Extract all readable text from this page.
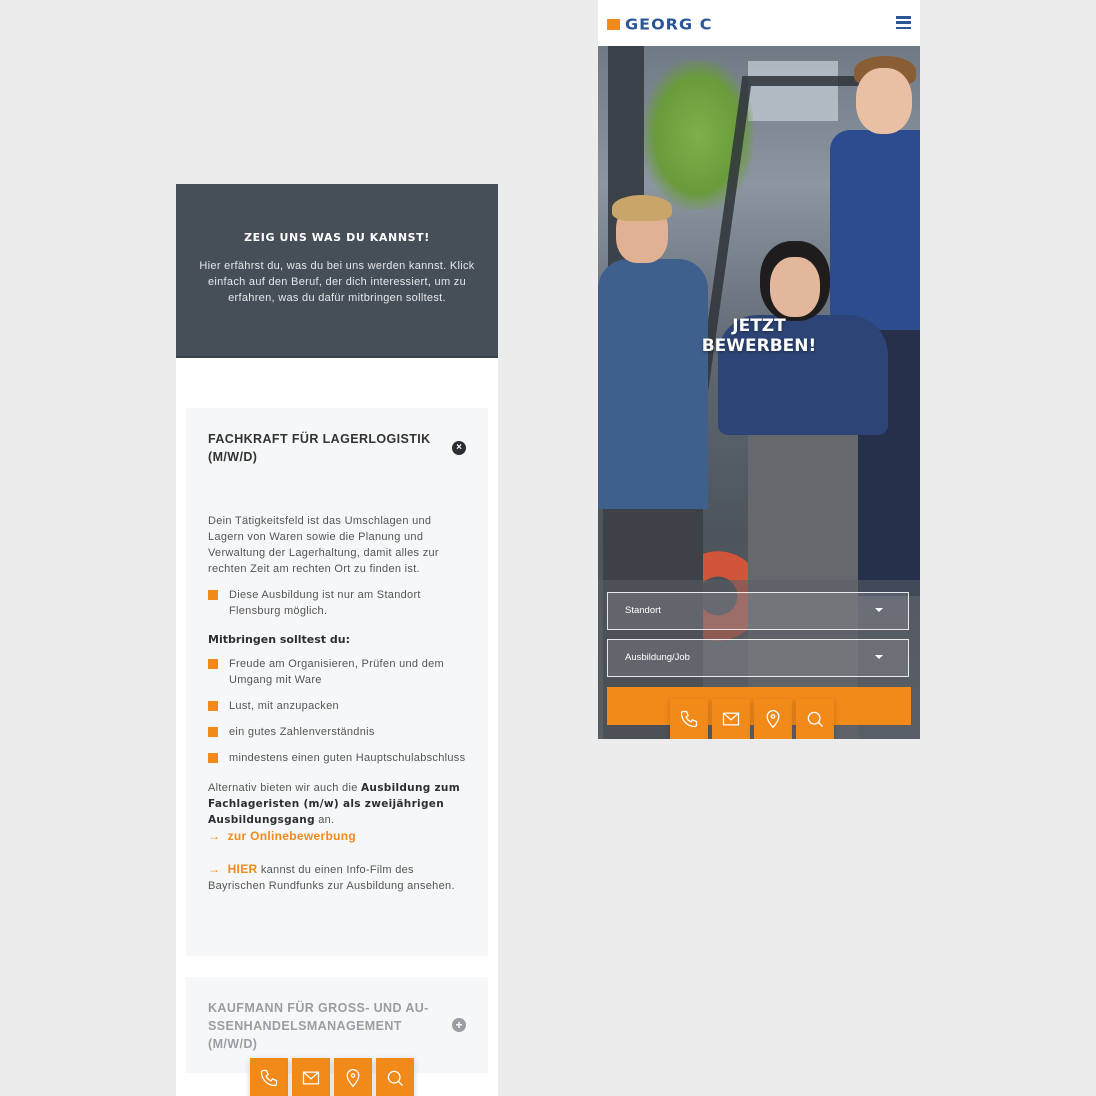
ZEIG UNS WAS DU KANNST!

Hier erfährst du, was du bei uns werden kannst. Klick einfach auf den Beruf, der dich interessiert, um zu erfahren, was du dafür mitbringen solltest.

FACHKRAFT FÜR LAGERLOGISTIK (M/W/D)
×
Dein Tätigkeitsfeld ist das Umschlagen und Lagern von Waren sowie die Planung und Verwaltung der Lagerhaltung, damit alles zur rechten Zeit am rechten Ort zu finden ist.
Diese Ausbildung ist nur am Standort Flensburg möglich.
Mitbringen solltest du:
Freude am Organisieren, Prüfen und dem Umgang mit Ware
Lust, mit anzupacken
ein gutes Zahlenverständnis
mindestens einen guten Hauptschulabschluss
Alternativ bieten wir auch die Ausbildung zum Fachlageristen (m/w) als zweijährigen Ausbildungsgang an.
→ zur Onlinebewerbung
→ HIER kannst du einen Info-Film des Bayrischen Rundfunks zur Ausbildung ansehen.
KAUFMANN FÜR GROSS- UND AU-SSENHANDELSMANAGEMENT (M/W/D)
+
GEORG C
JETZT
BEWERBEN!
Standort
Ausbildung/Job
